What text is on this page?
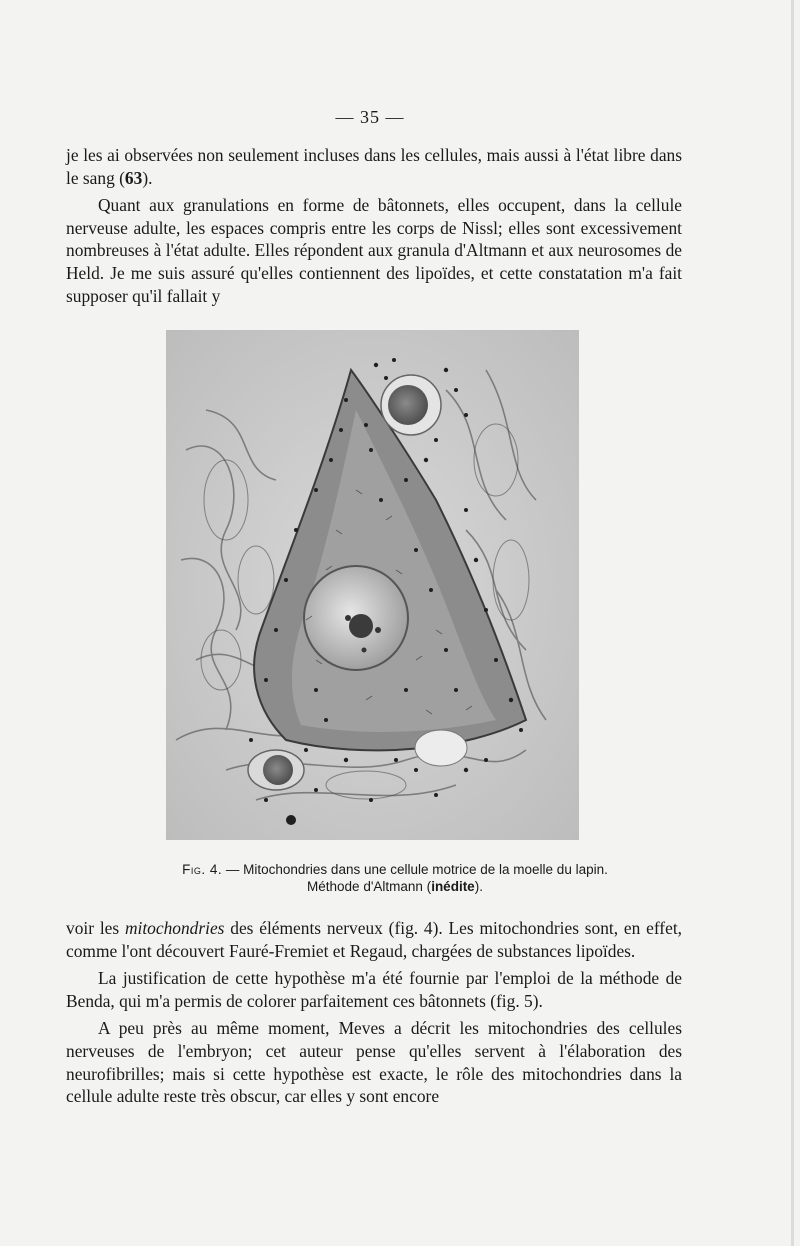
— 35 —

je les ai observées non seulement incluses dans les cellules, mais aussi à l'état libre dans le sang (63).

Quant aux granulations en forme de bâtonnets, elles occupent, dans la cellule nerveuse adulte, les espaces compris entre les corps de Nissl; elles sont excessivement nombreuses à l'état adulte. Elles répondent aux granula d'Altmann et aux neurosomes de Held. Je me suis assuré qu'elles contiennent des lipoïdes, et cette constatation m'a fait supposer qu'il fallait y

Fig. 4. — Mitochondries dans une cellule motrice de la moelle du lapin.
Méthode d'Altmann (inédite).

voir les mitochondries des éléments nerveux (fig. 4). Les mitochondries sont, en effet, comme l'ont découvert Fauré-Fremiet et Regaud, chargées de substances lipoïdes.

La justification de cette hypothèse m'a été fournie par l'emploi de la méthode de Benda, qui m'a permis de colorer parfaitement ces bâtonnets (fig. 5).

A peu près au même moment, Meves a décrit les mitochondries des cellules nerveuses de l'embryon; cet auteur pense qu'elles servent à l'élaboration des neurofibrilles; mais si cette hypothèse est exacte, le rôle des mitochondries dans la cellule adulte reste très obscur, car elles y sont encore
